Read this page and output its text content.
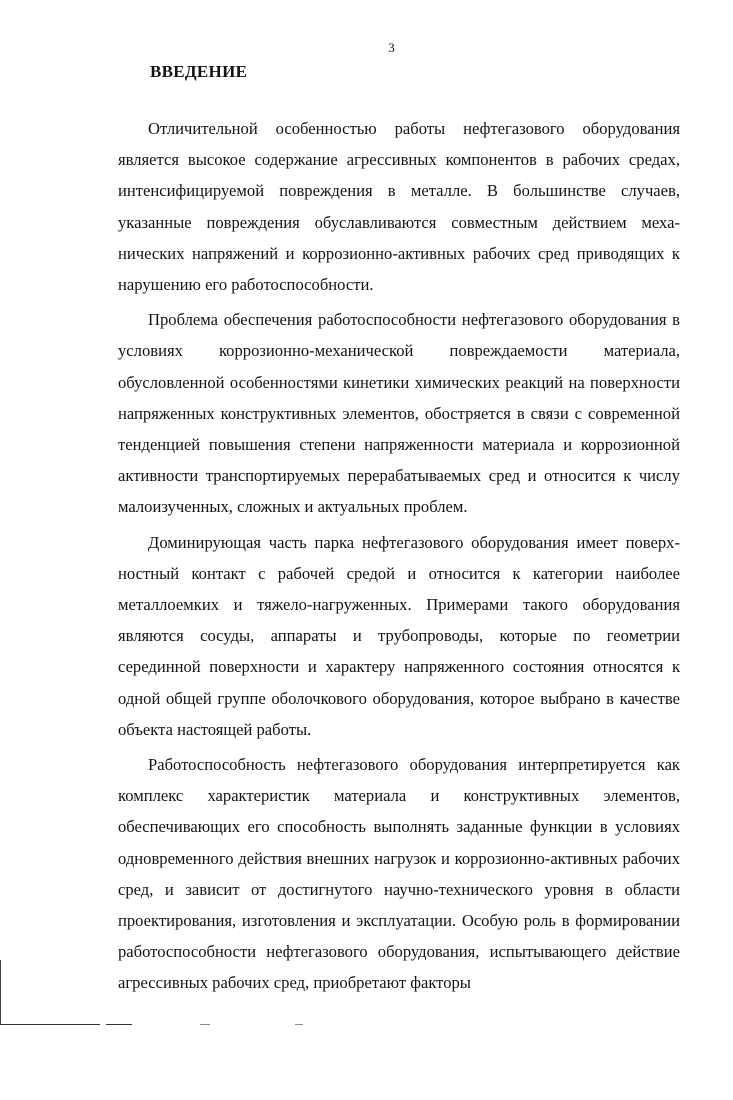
3
ВВЕДЕНИЕ

Отличительной особенностью работы нефтегазового оборудования является высокое содержание агрессивных компонентов в рабочих средах, интенсифицируемой повреждения в металле. В большинстве случаев, указанные повреждения обуславливаются совместным действием меха-нических напряжений и коррозионно-активных рабочих сред приводящих к нарушению его работоспособности.

Проблема обеспечения работоспособности нефтегазового оборудования в условиях коррозионно-механической повреждаемости материала, обусловленной особенностями кинетики химических реакций на поверхности напряженных конструктивных элементов, обостряется в связи с современной тенденцией повышения степени напряженности материала и коррозионной активности транспортируемых перерабатываемых сред и относится к числу малоизученных, сложных и актуальных проблем.

Доминирующая часть парка нефтегазового оборудования имеет поверх-ностный контакт с рабочей средой и относится к категории наиболее металлоемких и тяжело-нагруженных. Примерами такого оборудования являются сосуды, аппараты и трубопроводы, которые по геометрии серединной поверхности и характеру напряженного состояния относятся к одной общей группе оболочкового оборудования, которое выбрано в качестве объекта настоящей работы.

Работоспособность нефтегазового оборудования интерпретируется как комплекс характеристик материала и конструктивных элементов, обеспечивающих его способность выполнять заданные функции в условиях одновременного действия внешних нагрузок и коррозионно-активных рабочих сред, и зависит от достигнутого научно-технического уровня в области проектирования, изготовления и эксплуатации. Особую роль в формировании работоспособности нефтегазового оборудования, испытывающего действие агрессивных рабочих сред, приобретают факторы
